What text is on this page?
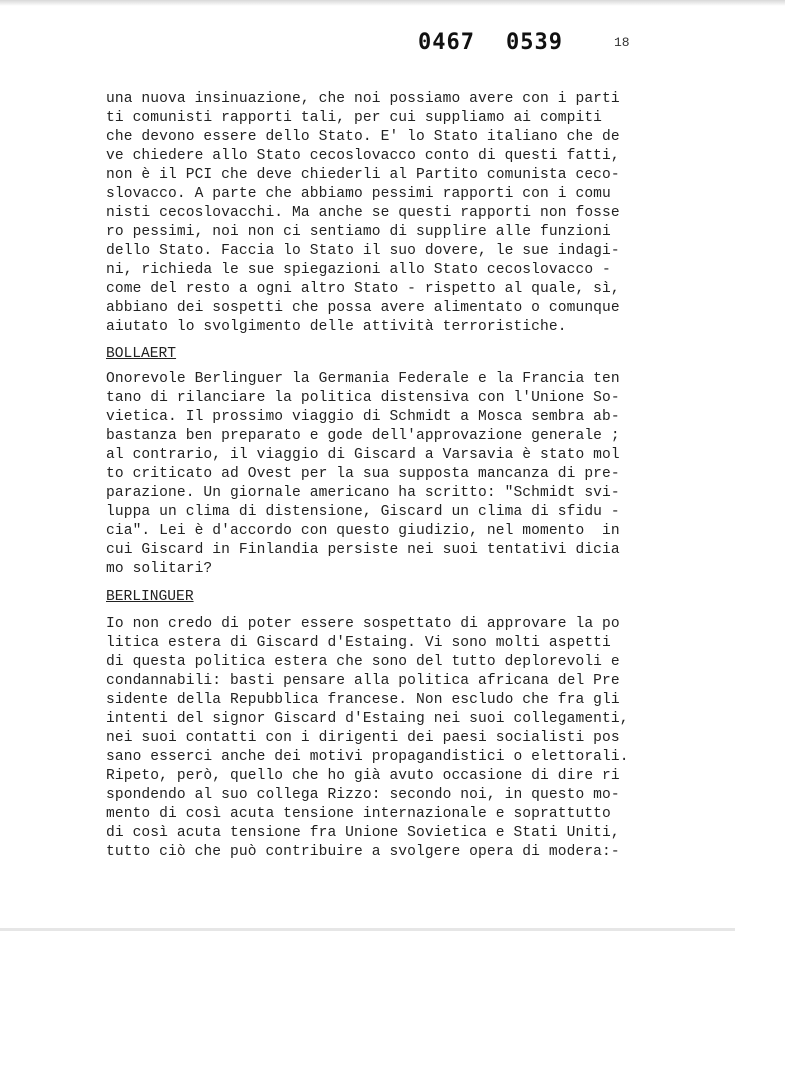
0467 0539	18
una nuova insinuazione, che noi possiamo avere con i parti
ti comunisti rapporti tali, per cui suppliamo ai compiti
che devono essere dello Stato. E' lo Stato italiano che de
ve chiedere allo Stato cecoslovacco conto di questi fatti,
non è il PCI che deve chiederli al Partito comunista ceco-
slovacco. A parte che abbiamo pessimi rapporti con i comu
nisti cecoslovacchi. Ma anche se questi rapporti non fosse
ro pessimi, noi non ci sentiamo di supplire alle funzioni
dello Stato. Faccia lo Stato il suo dovere, le sue indagi-
ni, richieda le sue spiegazioni allo Stato cecoslovacco -
come del resto a ogni altro Stato - rispetto al quale, sì,
abbiano dei sospetti che possa avere alimentato o comunque
aiutato lo svolgimento delle attività terroristiche.
BOLLAERT
Onorevole Berlinguer la Germania Federale e la Francia ten
tano di rilanciare la politica distensiva con l'Unione So-
vietica. Il prossimo viaggio di Schmidt a Mosca sembra ab-
bastanza ben preparato e gode dell'approvazione generale ;
al contrario, il viaggio di Giscard a Varsavia è stato mol
to criticato ad Ovest per la sua supposta mancanza di pre-
parazione. Un giornale americano ha scritto: "Schmidt svi-
luppa un clima di distensione, Giscard un clima di sfidu -
cia". Lei è d'accordo con questo giudizio, nel momento  in
cui Giscard in Finlandia persiste nei suoi tentativi dicia
mo solitari?
BERLINGUER
Io non credo di poter essere sospettato di approvare la po
litica estera di Giscard d'Estaing. Vi sono molti aspetti
di questa politica estera che sono del tutto deplorevoli e
condannabili: basti pensare alla politica africana del Pre
sidente della Repubblica francese. Non escludo che fra gli
intenti del signor Giscard d'Estaing nei suoi collegamenti,
nei suoi contatti con i dirigenti dei paesi socialisti pos
sano esserci anche dei motivi propagandistici o elettorali.
Ripeto, però, quello che ho già avuto occasione di dire ri
spondendo al suo collega Rizzo: secondo noi, in questo mo-
mento di così acuta tensione internazionale e soprattutto
di così acuta tensione fra Unione Sovietica e Stati Uniti,
tutto ciò che può contribuire a svolgere opera di modera:-
